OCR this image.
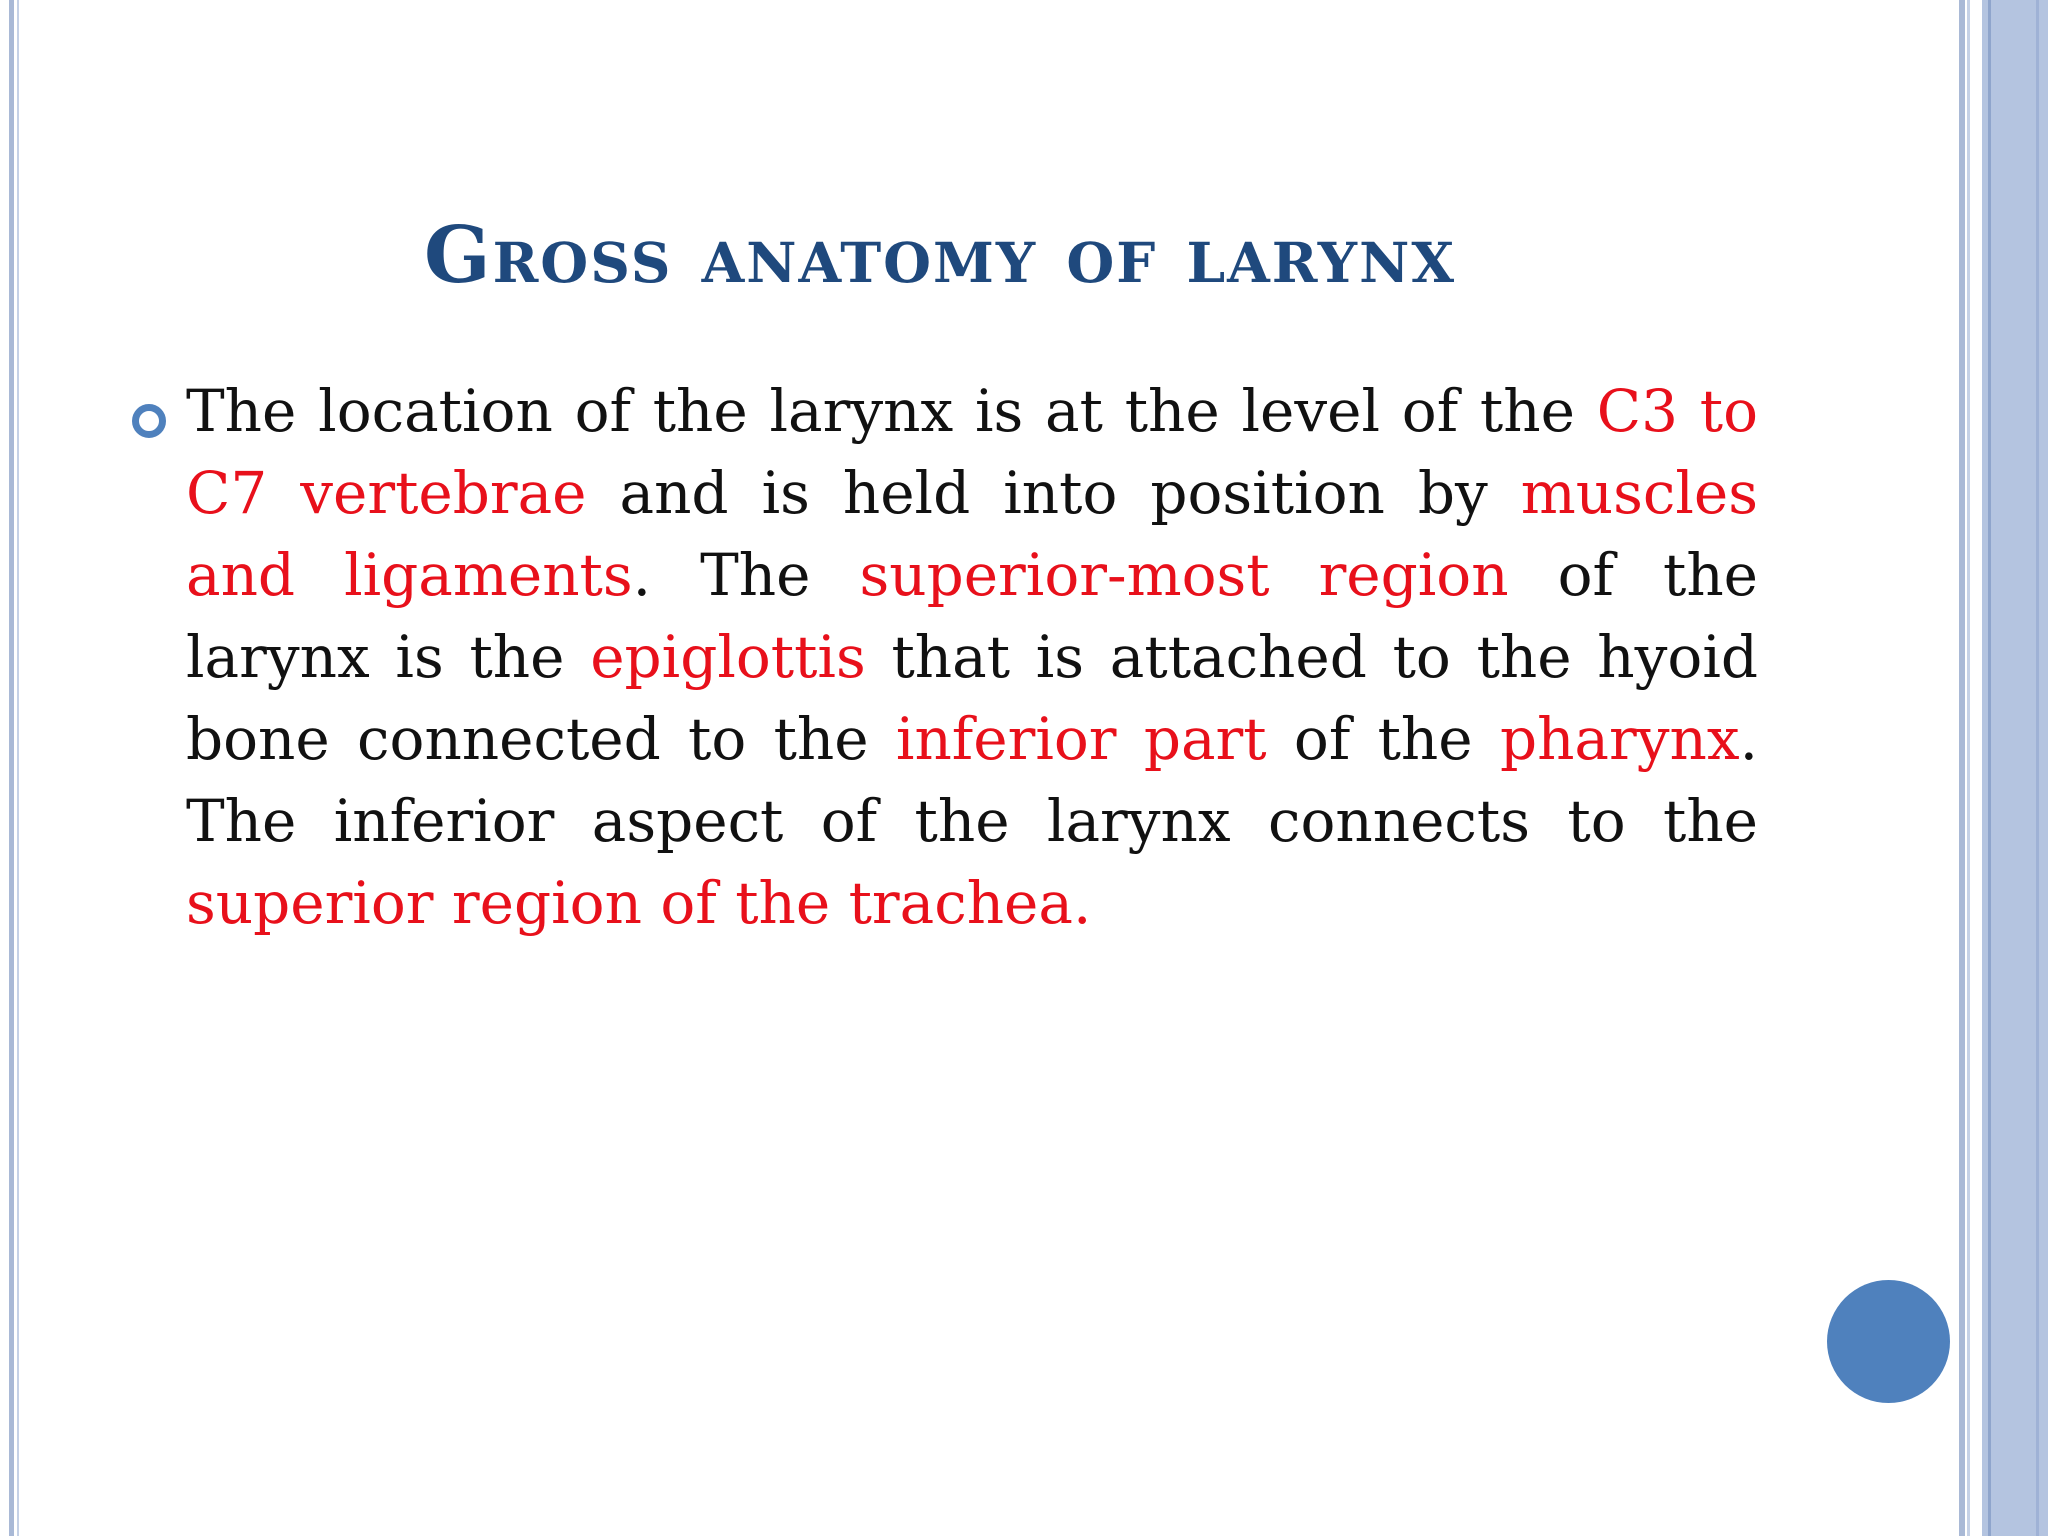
Gross anatomy of larynx
The location of the larynx is at the level of the C3 to C7 vertebrae and is held into position by muscles and ligaments. The superior-most region of the larynx is the epiglottis that is attached to the hyoid bone connected to the inferior part of the pharynx. The inferior aspect of the larynx connects to the superior region of the trachea.
